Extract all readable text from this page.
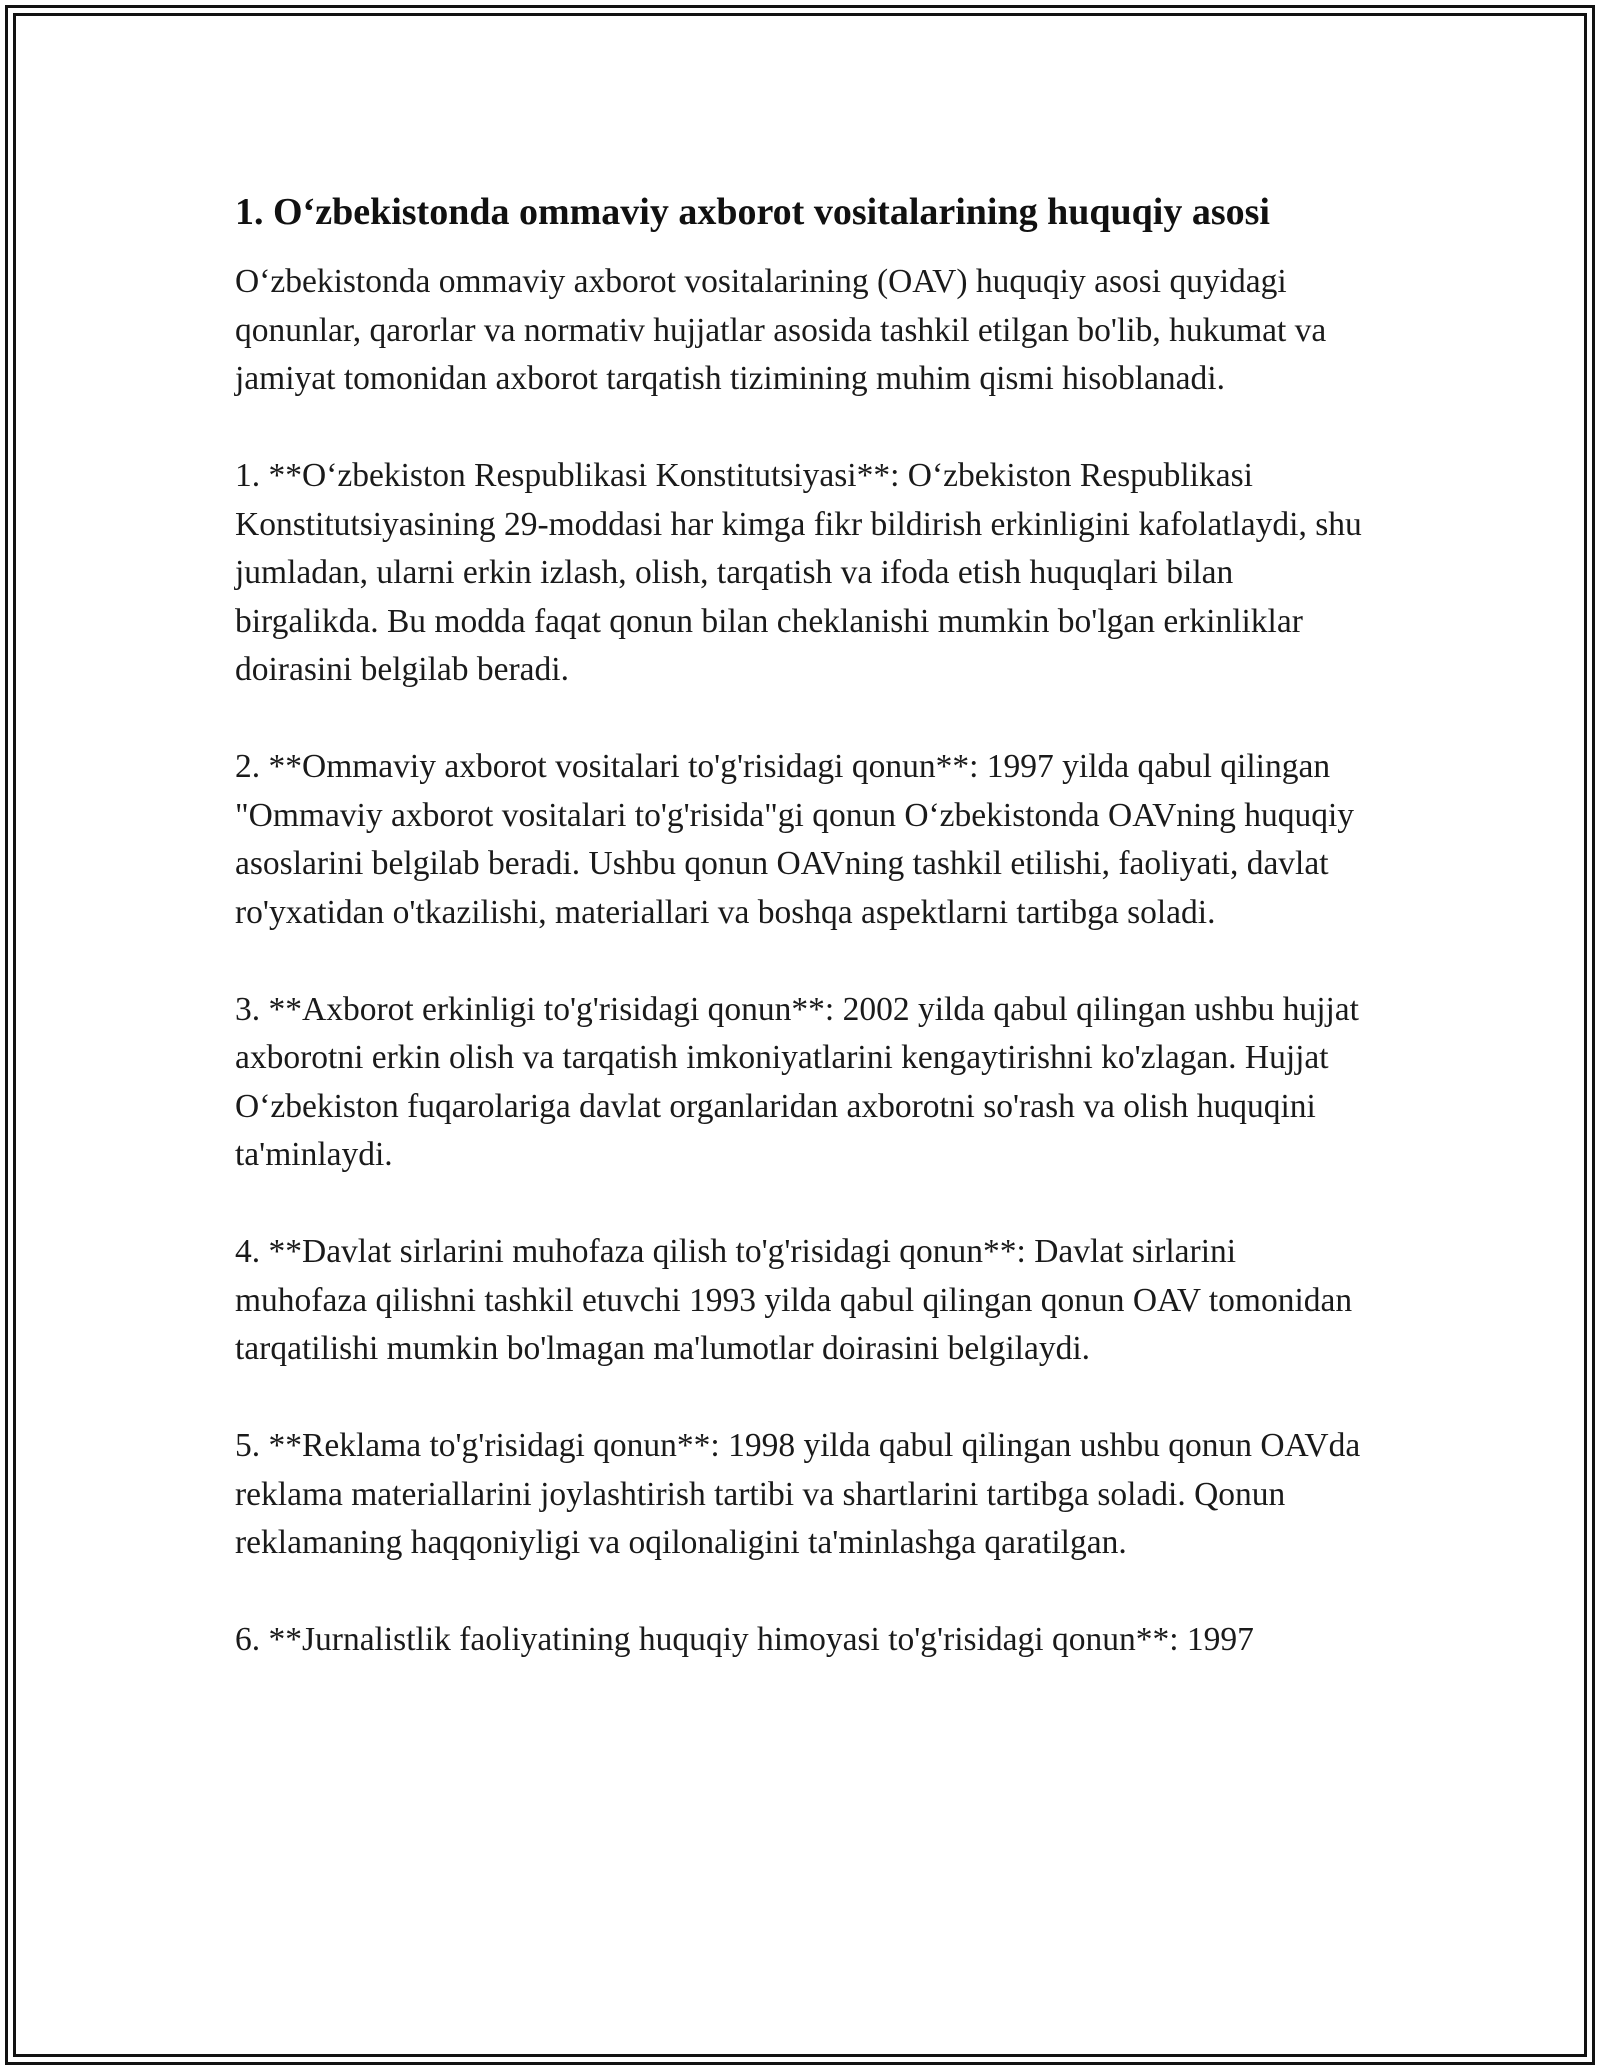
1. O‘zbekistonda ommaviy axborot vositalarining huquqiy asosi

O‘zbekistonda ommaviy axborot vositalarining (OAV) huquqiy asosi quyidagi qonunlar, qarorlar va normativ hujjatlar asosida tashkil etilgan bo'lib, hukumat va jamiyat tomonidan axborot tarqatish tizimining muhim qismi hisoblanadi.

1. **O‘zbekiston Respublikasi Konstitutsiyasi**: O‘zbekiston Respublikasi Konstitutsiyasining 29-moddasi har kimga fikr bildirish erkinligini kafolatlaydi, shu jumladan, ularni erkin izlash, olish, tarqatish va ifoda etish huquqlari bilan birgalikda. Bu modda faqat qonun bilan cheklanishi mumkin bo'lgan erkinliklar doirasini belgilab beradi.

2. **Ommaviy axborot vositalari to'g'risidagi qonun**: 1997 yilda qabul qilingan "Ommaviy axborot vositalari to'g'risida"gi qonun O‘zbekistonda OAVning huquqiy asoslarini belgilab beradi. Ushbu qonun OAVning tashkil etilishi, faoliyati, davlat ro'yxatidan o'tkazilishi, materiallari va boshqa aspektlarni tartibga soladi.

3. **Axborot erkinligi to'g'risidagi qonun**: 2002 yilda qabul qilingan ushbu hujjat axborotni erkin olish va tarqatish imkoniyatlarini kengaytirishni ko'zlagan. Hujjat O‘zbekiston fuqarolariga davlat organlaridan axborotni so'rash va olish huquqini ta'minlaydi.

4. **Davlat sirlarini muhofaza qilish to'g'risidagi qonun**: Davlat sirlarini muhofaza qilishni tashkil etuvchi 1993 yilda qabul qilingan qonun OAV tomonidan tarqatilishi mumkin bo'lmagan ma'lumotlar doirasini belgilaydi.

5. **Reklama to'g'risidagi qonun**: 1998 yilda qabul qilingan ushbu qonun OAVda reklama materiallarini joylashtirish tartibi va shartlarini tartibga soladi. Qonun reklamaning haqqoniyligi va oqilonaligini ta'minlashga qaratilgan.

6. **Jurnalistlik faoliyatining huquqiy himoyasi to'g'risidagi qonun**: 1997
